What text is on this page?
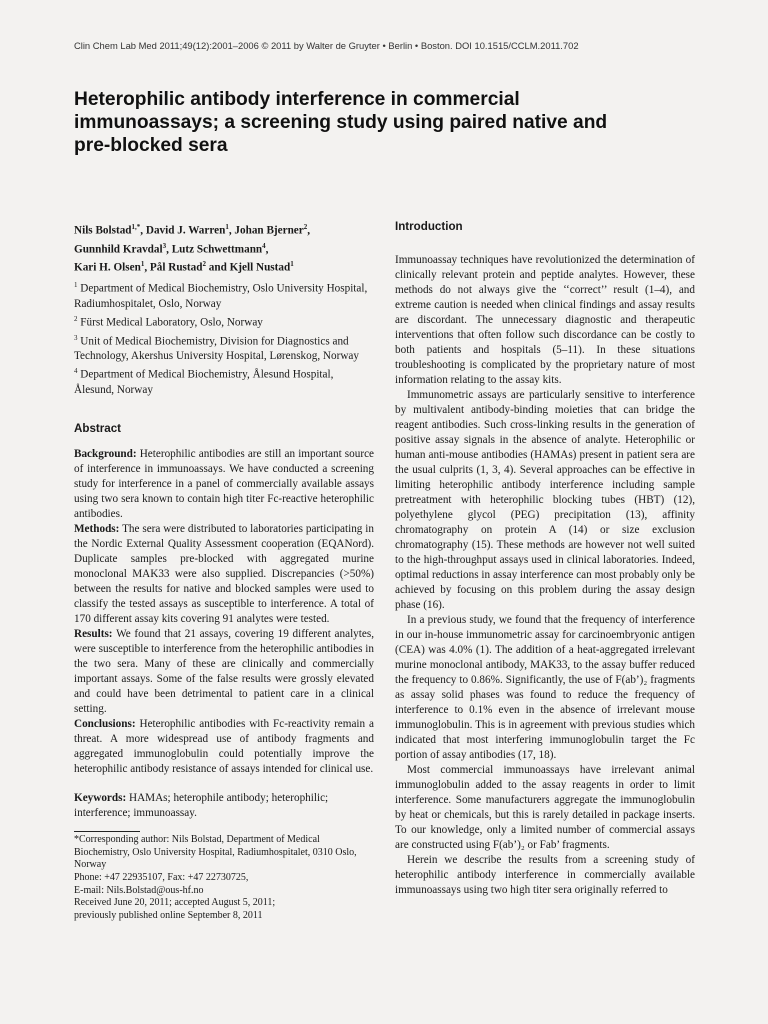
Clin Chem Lab Med 2011;49(12):2001–2006 © 2011 by Walter de Gruyter • Berlin • Boston. DOI 10.1515/CCLM.2011.702
Heterophilic antibody interference in commercial immunoassays; a screening study using paired native and pre-blocked sera
Nils Bolstad$^{1,*}$, David J. Warren$^1$, Johan Bjerner$^2$,
Gunnhild Kravdal$^3$, Lutz Schwettmann$^4$,
Kari H. Olsen$^1$, Pål Rustad$^2$ and Kjell Nustad$^1$

$^1$ Department of Medical Biochemistry, Oslo University Hospital, Radiumhospitalet, Oslo, Norway

$^2$ Fürst Medical Laboratory, Oslo, Norway

$^3$ Unit of Medical Biochemistry, Division for Diagnostics and Technology, Akershus University Hospital, Lørenskog, Norway

$^4$ Department of Medical Biochemistry, Ålesund Hospital, Ålesund, Norway

Abstract

Background: Heterophilic antibodies are still an important source of interference in immunoassays. We have conducted a screening study for interference in a panel of commercially available assays using two sera known to contain high titer Fc-reactive heterophilic antibodies.

Methods: The sera were distributed to laboratories participating in the Nordic External Quality Assessment cooperation (EQANord). Duplicate samples pre-blocked with aggregated murine monoclonal MAK33 were also supplied. Discrepancies (>50%) between the results for native and blocked samples were used to classify the tested assays as susceptible to interference. A total of 170 different assay kits covering 91 analytes were tested.

Results: We found that 21 assays, covering 19 different analytes, were susceptible to interference from the heterophilic antibodies in the two sera. Many of these are clinically and commercially important assays. Some of the false results were grossly elevated and could have been detrimental to patient care in a clinical setting.

Conclusions: Heterophilic antibodies with Fc-reactivity remain a threat. A more widespread use of antibody fragments and aggregated immunoglobulin could potentially improve the heterophilic antibody resistance of assays intended for clinical use.

Keywords: HAMAs; heterophile antibody; heterophilic; interference; immunoassay.
*Corresponding author: Nils Bolstad, Department of Medical Biochemistry, Oslo University Hospital, Radiumhospitalet, 0310 Oslo, Norway
Phone: +47 22935107, Fax: +47 22730725,
E-mail: Nils.Bolstad@ous-hf.no
Received June 20, 2011; accepted August 5, 2011;
previously published online September 8, 2011
Introduction

Immunoassay techniques have revolutionized the determination of clinically relevant protein and peptide analytes. However, these methods do not always give the ‘‘correct’’ result (1–4), and extreme caution is needed when clinical findings and assay results are discordant. The unnecessary diagnostic and therapeutic interventions that often follow such discordance can be costly to both patients and hospitals (5–11). In these situations troubleshooting is complicated by the proprietary nature of most information relating to the assay kits.

Immunometric assays are particularly sensitive to interference by multivalent antibody-binding moieties that can bridge the reagent antibodies. Such cross-linking results in the generation of positive assay signals in the absence of analyte. Heterophilic or human anti-mouse antibodies (HAMAs) present in patient sera are the usual culprits (1, 3, 4). Several approaches can be effective in limiting heterophilic antibody interference including sample pretreatment with heterophilic blocking tubes (HBT) (12), polyethylene glycol (PEG) precipitation (13), affinity chromatography on protein A (14) or size exclusion chromatography (15). These methods are however not well suited to the high-throughput assays used in clinical laboratories. Indeed, optimal reductions in assay interference can most probably only be achieved by focusing on this problem during the assay design phase (16).

In a previous study, we found that the frequency of interference in our in-house immunometric assay for carcinoembryonic antigen (CEA) was 4.0% (1). The addition of a heat-aggregated irrelevant murine monoclonal antibody, MAK33, to the assay buffer reduced the frequency to 0.86%. Significantly, the use of F(ab’)₂ fragments as assay solid phases was found to reduce the frequency of interference to 0.1% even in the absence of irrelevant mouse immunoglobulin. This is in agreement with previous studies which indicated that most interfering immunoglobulin target the Fc portion of assay antibodies (17, 18).

Most commercial immunoassays have irrelevant animal immunoglobulin added to the assay reagents in order to limit interference. Some manufacturers aggregate the immunoglobulin by heat or chemicals, but this is rarely detailed in package inserts. To our knowledge, only a limited number of commercial assays are constructed using F(ab’)₂ or Fab’ fragments.

Herein we describe the results from a screening study of heterophilic antibody interference in commercially available immunoassays using two high titer sera originally referred to
